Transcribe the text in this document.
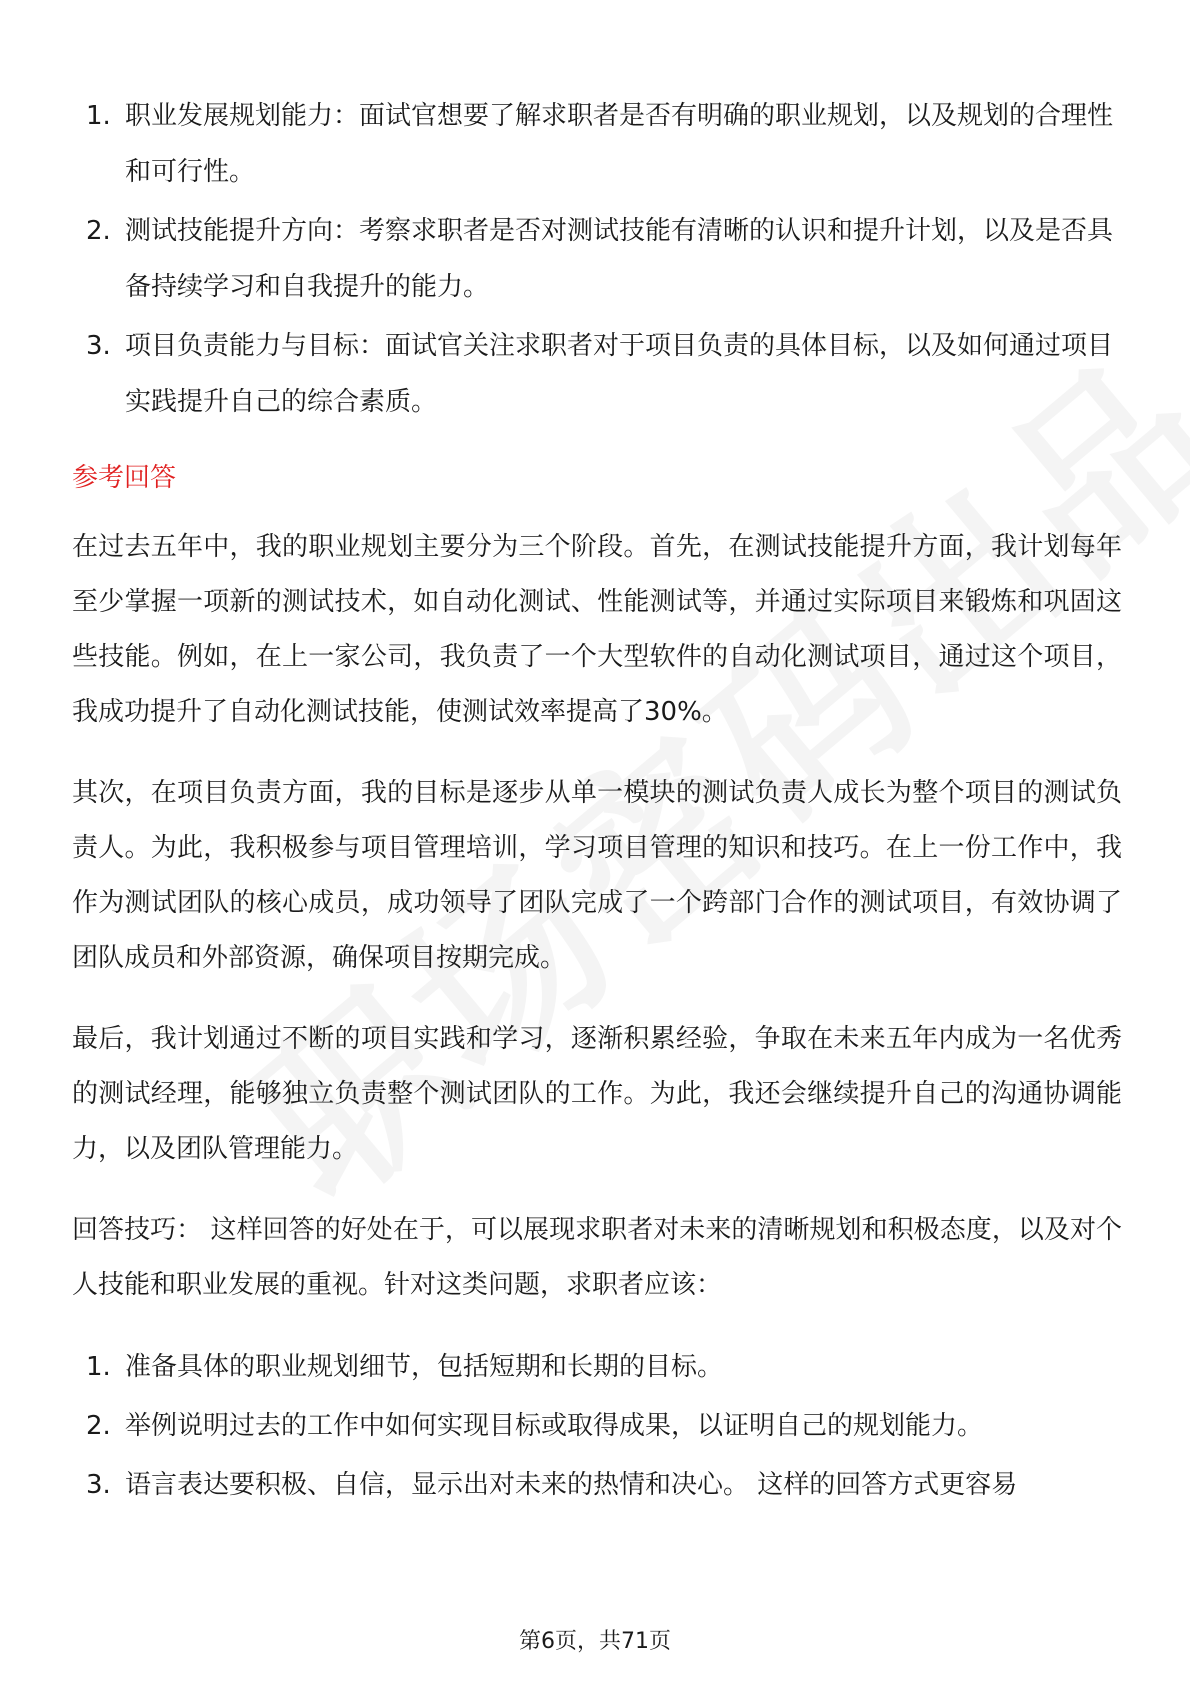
1. 职业发展规划能力：面试官想要了解求职者是否有明确的职业规划，以及规划的合理性和可行性。
2. 测试技能提升方向：考察求职者是否对测试技能有清晰的认识和提升计划，以及是否具备持续学习和自我提升的能力。
3. 项目负责能力与目标：面试官关注求职者对于项目负责的具体目标，以及如何通过项目实践提升自己的综合素质。
参考回答

在过去五年中，我的职业规划主要分为三个阶段。首先，在测试技能提升方面，我计划每年至少掌握一项新的测试技术，如自动化测试、性能测试等，并通过实际项目来锻炼和巩固这些技能。例如，在上一家公司，我负责了一个大型软件的自动化测试项目，通过这个项目，我成功提升了自动化测试技能，使测试效率提高了30%。

其次，在项目负责方面，我的目标是逐步从单一模块的测试负责人成长为整个项目的测试负责人。为此，我积极参与项目管理培训，学习项目管理的知识和技巧。在上一份工作中，我作为测试团队的核心成员，成功领导了团队完成了一个跨部门合作的测试项目，有效协调了团队成员和外部资源，确保项目按期完成。

最后，我计划通过不断的项目实践和学习，逐渐积累经验，争取在未来五年内成为一名优秀的测试经理，能够独立负责整个测试团队的工作。为此，我还会继续提升自己的沟通协调能力，以及团队管理能力。

回答技巧： 这样回答的好处在于，可以展现求职者对未来的清晰规划和积极态度，以及对个人技能和职业发展的重视。针对这类问题，求职者应该：

1. 准备具体的职业规划细节，包括短期和长期的目标。
2. 举例说明过去的工作中如何实现目标或取得成果，以证明自己的规划能力。
3. 语言表达要积极、自信，显示出对未来的热情和决心。 这样的回答方式更容易
第6页，共71页
